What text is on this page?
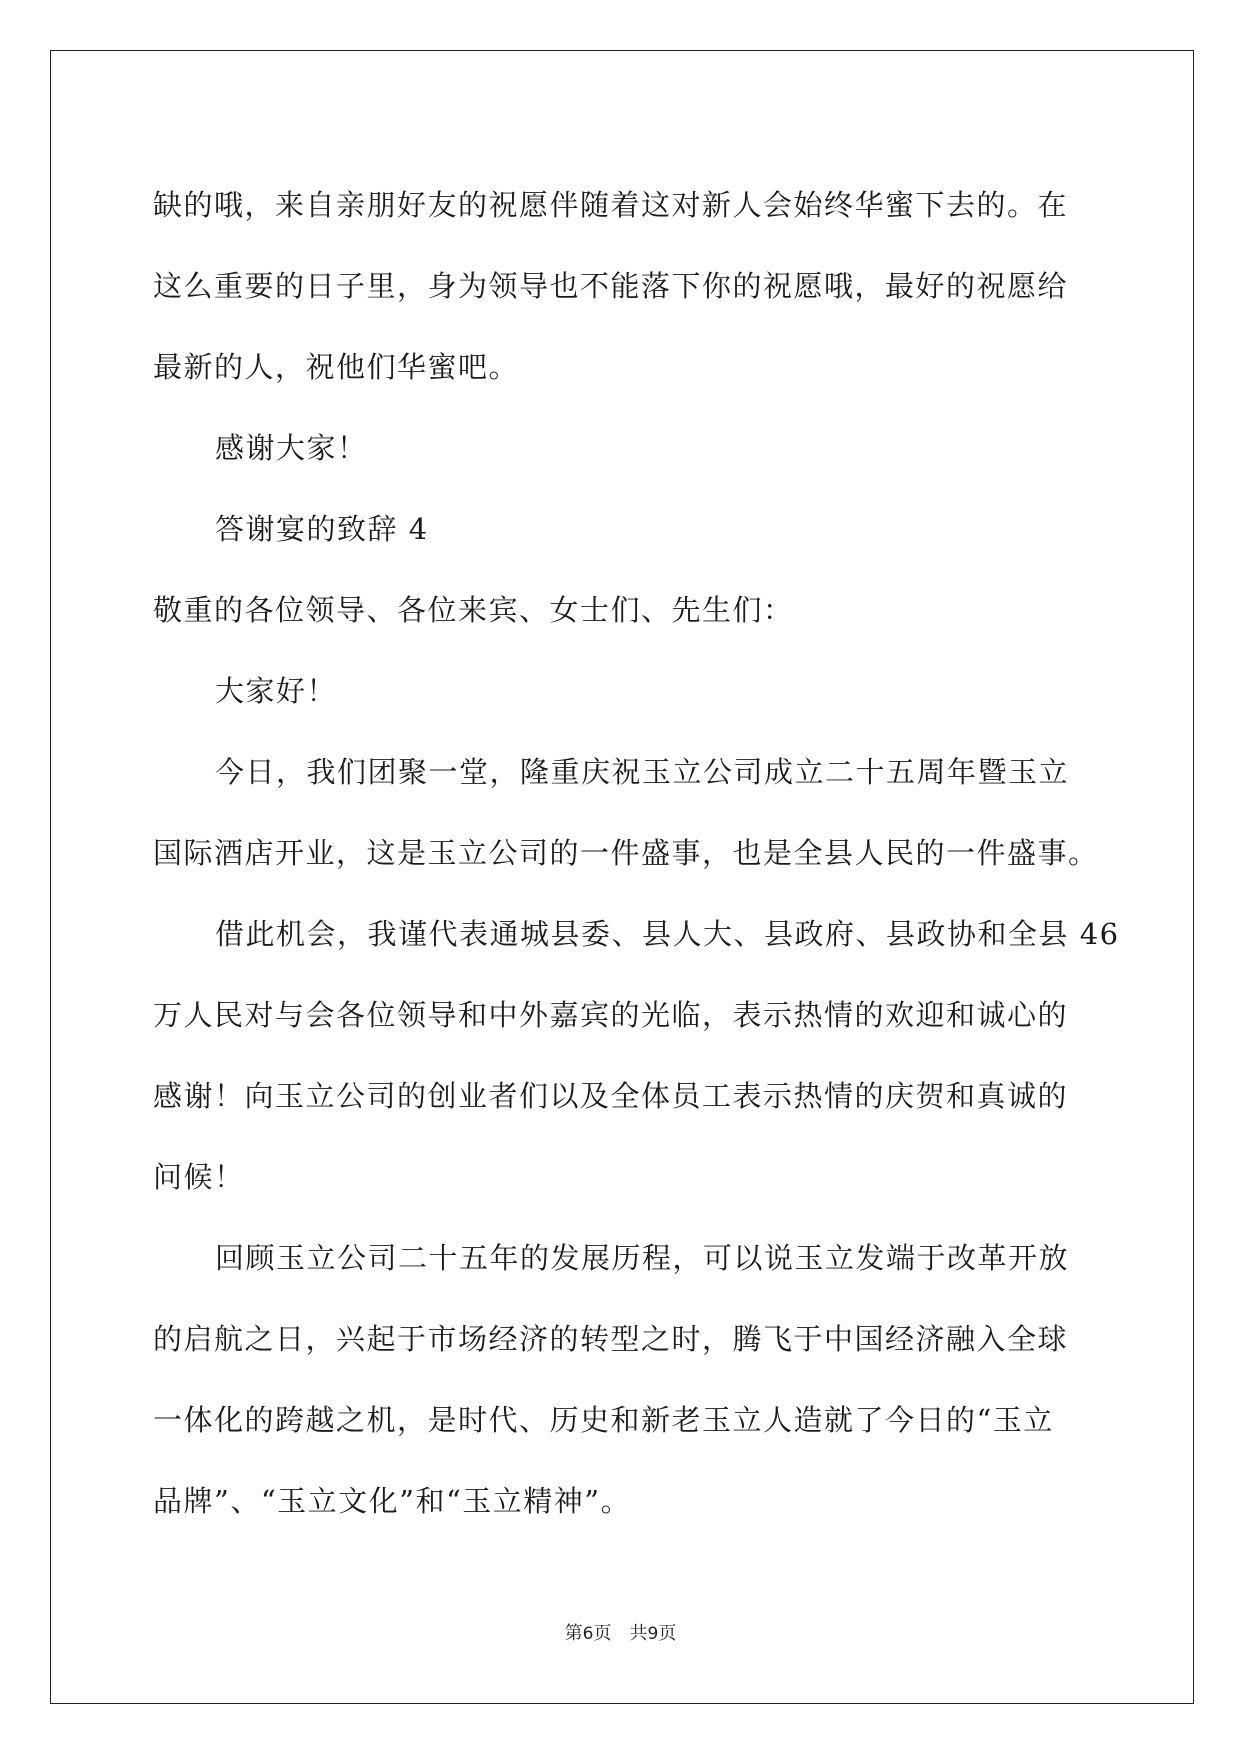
缺的哦，来自亲朋好友的祝愿伴随着这对新人会始终华蜜下去的。在
这么重要的日子里，身为领导也不能落下你的祝愿哦，最好的祝愿给
最新的人，祝他们华蜜吧。
感谢大家！
答谢宴的致辞 4
敬重的各位领导、各位来宾、女士们、先生们：
大家好！
今日，我们团聚一堂，隆重庆祝玉立公司成立二十五周年暨玉立
国际酒店开业，这是玉立公司的一件盛事，也是全县人民的一件盛事。
借此机会，我谨代表通城县委、县人大、县政府、县政协和全县 46
万人民对与会各位领导和中外嘉宾的光临，表示热情的欢迎和诚心的
感谢！向玉立公司的创业者们以及全体员工表示热情的庆贺和真诚的
问候！
回顾玉立公司二十五年的发展历程，可以说玉立发端于改革开放
的启航之日，兴起于市场经济的转型之时，腾飞于中国经济融入全球
一体化的跨越之机，是时代、历史和新老玉立人造就了今日的“玉立
品牌”、“玉立文化”和“玉立精神”。
第6页 共9页
